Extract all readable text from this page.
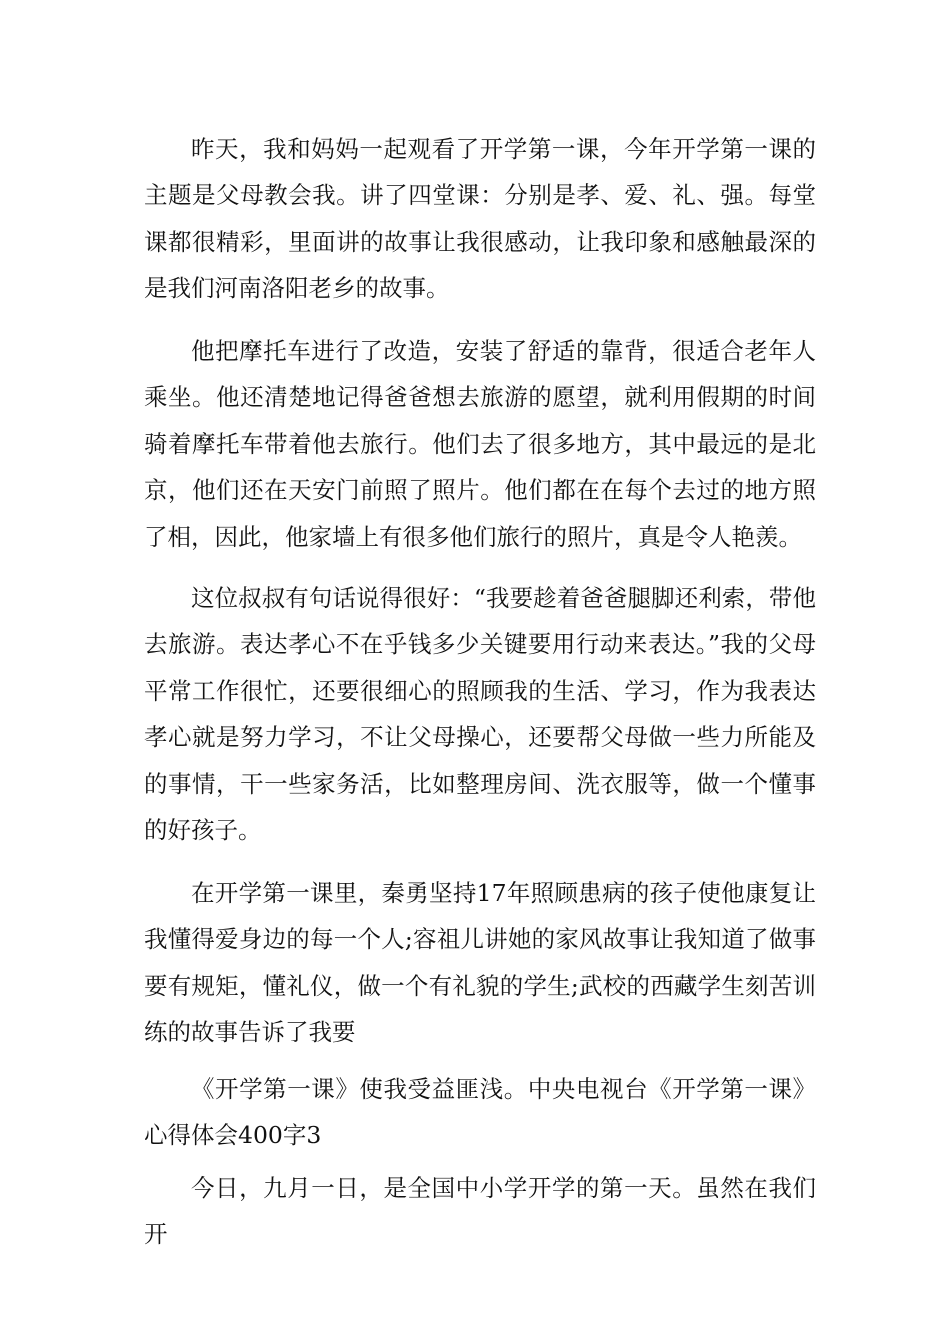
昨天，我和妈妈一起观看了开学第一课，今年开学第一课的主题是父母教会我。讲了四堂课：分别是孝、爱、礼、强。每堂课都很精彩，里面讲的故事让我很感动，让我印象和感触最深的是我们河南洛阳老乡的故事。

他把摩托车进行了改造，安装了舒适的靠背，很适合老年人乘坐。他还清楚地记得爸爸想去旅游的愿望，就利用假期的时间骑着摩托车带着他去旅行。他们去了很多地方，其中最远的是北京，他们还在天安门前照了照片。他们都在在每个去过的地方照了相，因此，他家墙上有很多他们旅行的照片，真是令人艳羡。

这位叔叔有句话说得很好：“我要趁着爸爸腿脚还利索，带他去旅游。表达孝心不在乎钱多少关键要用行动来表达。”我的父母平常工作很忙，还要很细心的照顾我的生活、学习，作为我表达孝心就是努力学习，不让父母操心，还要帮父母做一些力所能及的事情，干一些家务活，比如整理房间、洗衣服等，做一个懂事的好孩子。

在开学第一课里，秦勇坚持17年照顾患病的孩子使他康复让我懂得爱身边的每一个人;容祖儿讲她的家风故事让我知道了做事要有规矩，懂礼仪，做一个有礼貌的学生;武校的西藏学生刻苦训练的故事告诉了我要

《开学第一课》使我受益匪浅。中央电视台《开学第一课》心得体会400字3

今日，九月一日，是全国中小学开学的第一天。虽然在我们开
